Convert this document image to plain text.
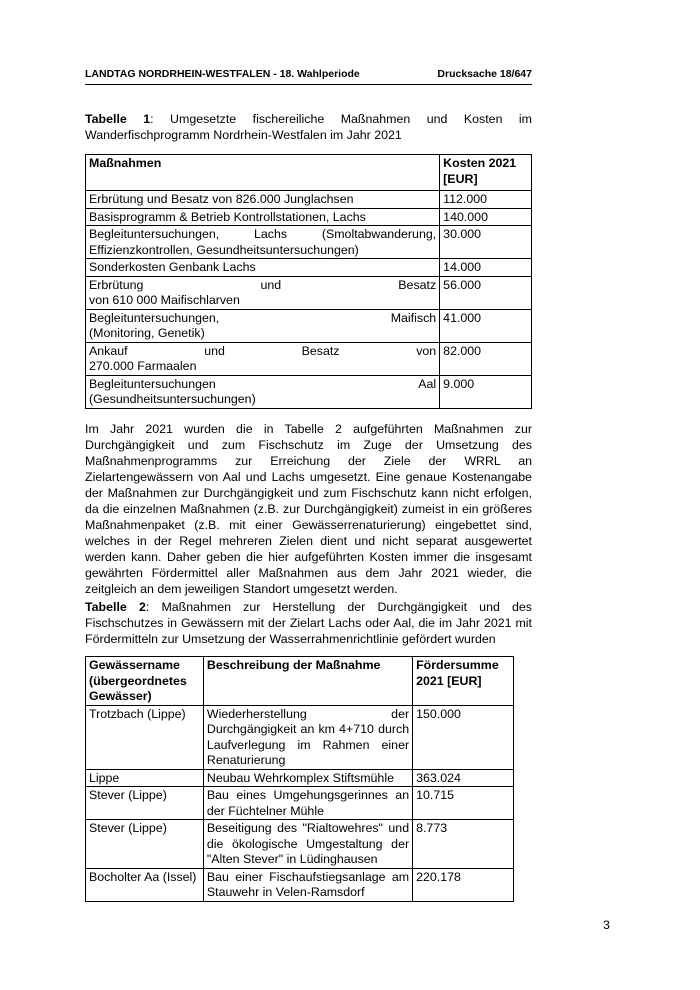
LANDTAG NORDRHEIN-WESTFALEN - 18. Wahlperiode	Drucksache 18/647
Tabelle 1: Umgesetzte fischereiliche Maßnahmen und Kosten im Wanderfischprogramm Nordrhein-Westfalen im Jahr 2021
Maßnahmen	Kosten 2021 [EUR]
Erbrütung und Besatz von 826.000 Junglachsen	112.000
Basisprogramm & Betrieb Kontrollstationen, Lachs	140.000

Begleituntersuchungen, Lachs (Smoltabwanderung,
Effizienzkontrollen, Gesundheitsuntersuchungen)	30.000
Sonderkosten Genbank Lachs	14.000

Erbrütung und Besatz
von 610 000 Maifischlarven	56.000

Begleituntersuchungen, Maifisch
(Monitoring, Genetik)	41.000

Ankauf und Besatz von
270.000 Farmaalen	82.000

Begleituntersuchungen Aal
(Gesundheitsuntersuchungen)	9.000
Im Jahr 2021 wurden die in Tabelle 2 aufgeführten Maßnahmen zur Durchgängigkeit und zum Fischschutz im Zuge der Umsetzung des Maßnahmenprogramms zur Erreichung der Ziele der WRRL an Zielartengewässern von Aal und Lachs umgesetzt. Eine genaue Kostenangabe der Maßnahmen zur Durchgängigkeit und zum Fischschutz kann nicht erfolgen, da die einzelnen Maßnahmen (z.B. zur Durchgängigkeit) zumeist in ein größeres Maßnahmenpaket (z.B. mit einer Gewässerrenaturierung) eingebettet sind, welches in der Regel mehreren Zielen dient und nicht separat ausgewertet werden kann. Daher geben die hier aufgeführten Kosten immer die insgesamt gewährten Fördermittel aller Maßnahmen aus dem Jahr 2021 wieder, die zeitgleich an dem jeweiligen Standort umgesetzt werden.
Tabelle 2: Maßnahmen zur Herstellung der Durchgängigkeit und des Fischschutzes in Gewässern mit der Zielart Lachs oder Aal, die im Jahr 2021 mit Fördermitteln zur Umsetzung der Wasserrahmenrichtlinie gefördert wurden
Gewässername (übergeordnetes Gewässer)	Beschreibung der Maßnahme	Fördersumme 2021 [EUR]
Trotzbach (Lippe)	Wiederherstellung der Durchgängigkeit an km 4+710 durch Laufverlegung im Rahmen einer Renaturierung	150.000
Lippe	Neubau Wehrkomplex Stiftsmühle	363.024
Stever (Lippe)	Bau eines Umgehungsgerinnes an der Füchtelner Mühle	10.715
Stever (Lippe)	Beseitigung des "Rialtowehres" und die ökologische Umgestaltung der "Alten Stever" in Lüdinghausen	8.773
Bocholter Aa (Issel)	Bau einer Fischaufstiegsanlage am Stauwehr in Velen-Ramsdorf	220.178
3
